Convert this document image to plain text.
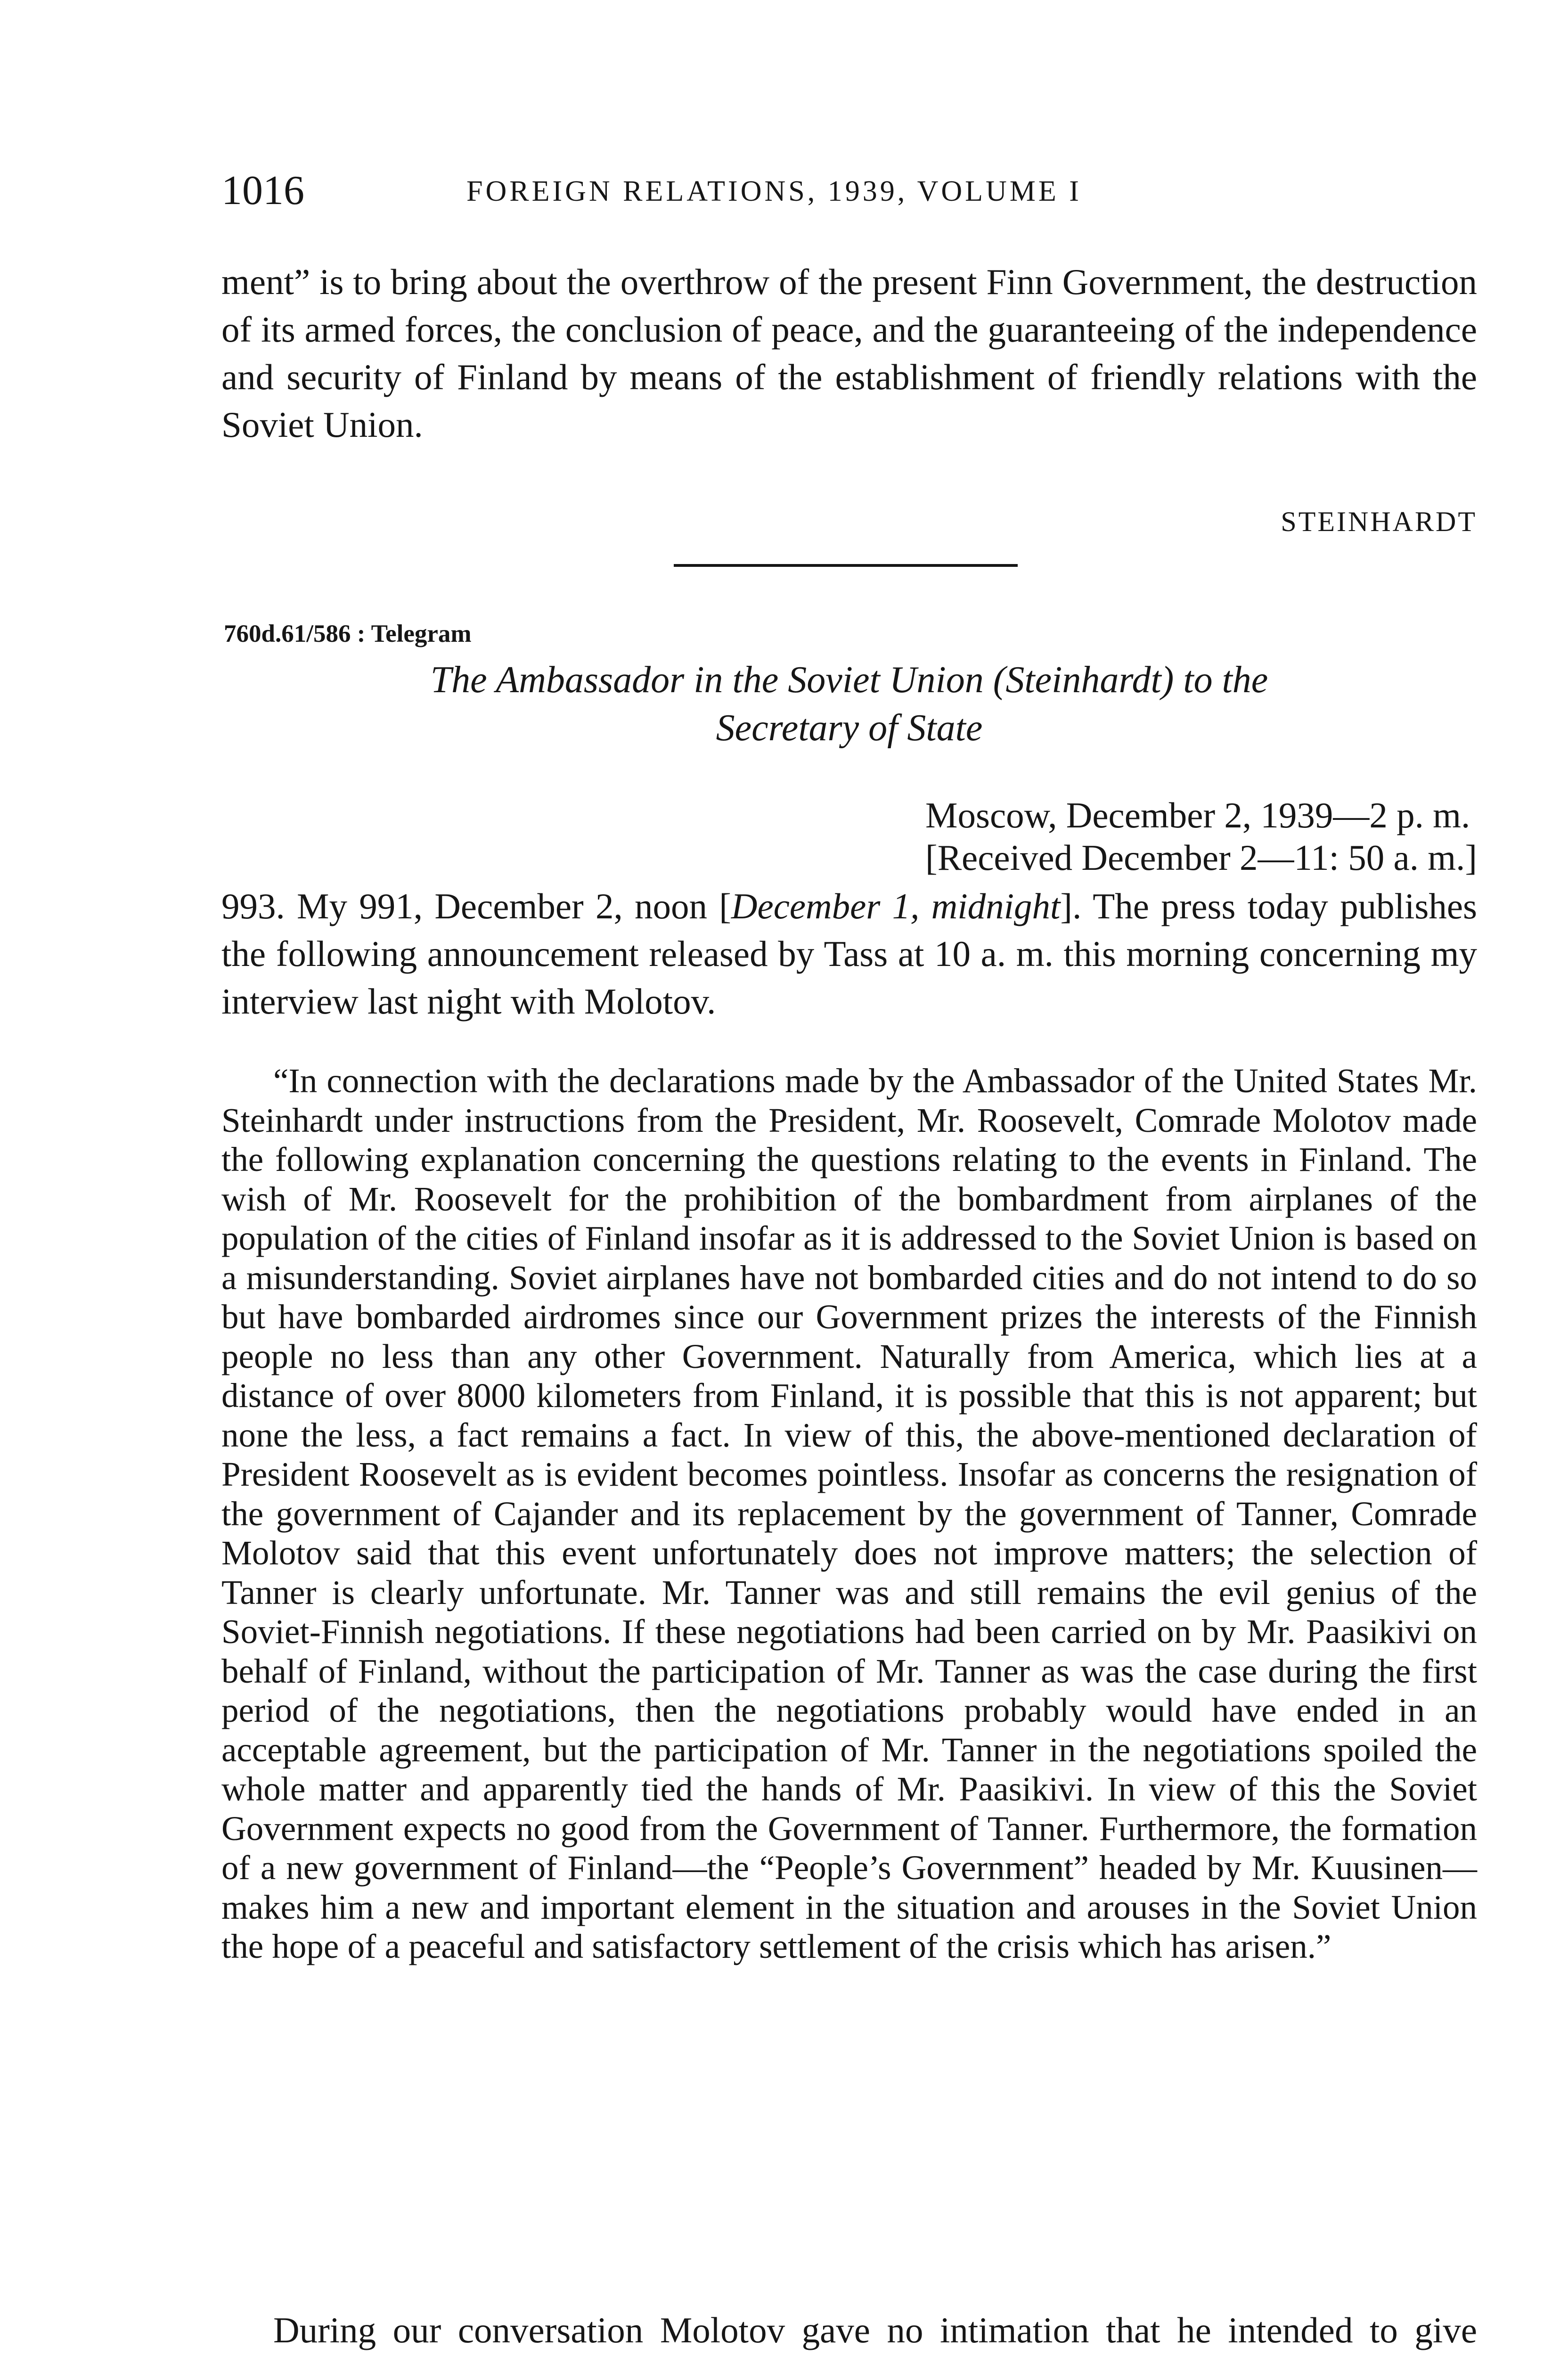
1016	FOREIGN RELATIONS, 1939, VOLUME I

ment” is to bring about the overthrow of the present Finn Government, the destruction of its armed forces, the conclusion of peace, and the guaranteeing of the independence and security of Finland by means of the establishment of friendly relations with the Soviet Union.

STEINHARDT
760d.61/586 : Telegram
The Ambassador in the Soviet Union (Steinhardt) to the
Secretary of State
Moscow, December 2, 1939—2 p. m.
[Received December 2—11: 50 a. m.]

993. My 991, December 2, noon [December 1, midnight]. The press today publishes the following announcement released by Tass at 10 a. m. this morning concerning my interview last night with Molotov.

“In connection with the declarations made by the Ambassador of the United States Mr. Steinhardt under instructions from the President, Mr. Roosevelt, Comrade Molotov made the following explanation concerning the questions relating to the events in Finland. The wish of Mr. Roosevelt for the prohibition of the bombardment from airplanes of the population of the cities of Finland insofar as it is addressed to the Soviet Union is based on a misunderstanding. Soviet airplanes have not bombarded cities and do not intend to do so but have bombarded airdromes since our Government prizes the interests of the Finnish people no less than any other Government. Naturally from America, which lies at a distance of over 8000 kilometers from Finland, it is possible that this is not apparent; but none the less, a fact remains a fact. In view of this, the above-mentioned declaration of President Roosevelt as is evident becomes pointless. Insofar as concerns the resignation of the government of Cajander and its replacement by the government of Tanner, Comrade Molotov said that this event unfortunately does not improve matters; the selection of Tanner is clearly unfortunate. Mr. Tanner was and still remains the evil genius of the Soviet-Finnish negotiations. If these negotiations had been carried on by Mr. Paasikivi on behalf of Finland, without the participation of Mr. Tanner as was the case during the first period of the negotiations, then the negotiations probably would have ended in an acceptable agreement, but the participation of Mr. Tanner in the negotiations spoiled the whole matter and apparently tied the hands of Mr. Paasikivi. In view of this the Soviet Government expects no good from the Government of Tanner. Furthermore, the formation of a new government of Finland—the “People’s Government” headed by Mr. Kuusinen—makes him a new and important element in the situation and arouses in the Soviet Union the hope of a peaceful and satisfactory settlement of the crisis which has arisen.”

During our conversation Molotov gave no intimation that he intended to give
